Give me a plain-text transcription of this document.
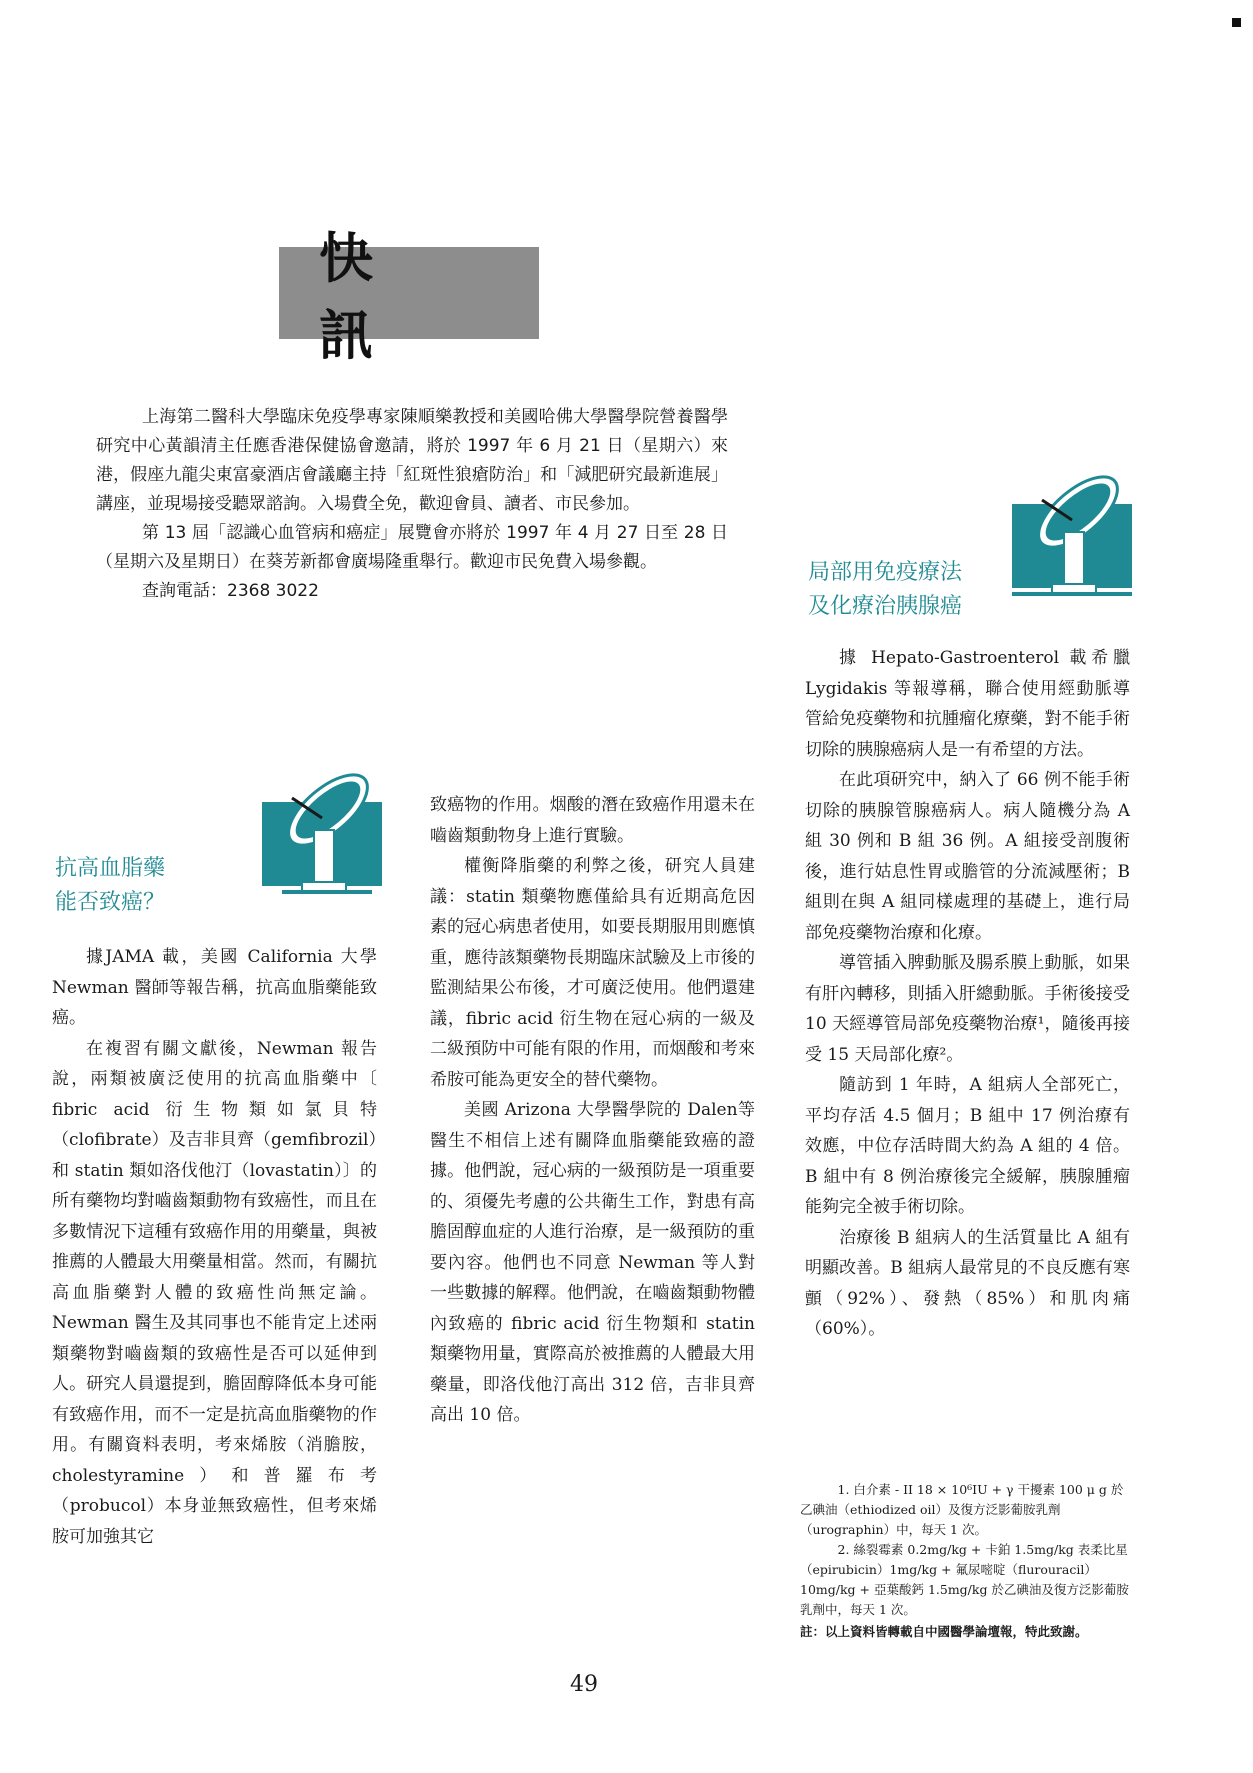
快 訊

上海第二醫科大學臨床免疫學專家陳順樂教授和美國哈佛大學醫學院營養醫學研究中心黃韻清主任應香港保健協會邀請，將於 1997 年 6 月 21 日（星期六）來港，假座九龍尖東富豪酒店會議廳主持「紅斑性狼瘡防治」和「減肥研究最新進展」講座，並現場接受聽眾諮詢。入場費全免，歡迎會員、讀者、市民參加。

第 13 屆「認識心血管病和癌症」展覽會亦將於 1997 年 4 月 27 日至 28 日（星期六及星期日）在葵芳新都會廣場隆重舉行。歡迎市民免費入場參觀。

查詢電話：2368 3022

抗高血脂藥
能否致癌？

據JAMA 載，美國 California 大學 Newman 醫師等報告稱，抗高血脂藥能致癌。

在複習有關文獻後，Newman 報告說，兩類被廣泛使用的抗高血脂藥中〔 fibric acid 衍生物類如氯貝特（clofibrate）及吉非貝齊（gemfibrozil）和 statin 類如洛伐他汀（lovastatin）〕的所有藥物均對嚙齒類動物有致癌性，而且在多數情況下這種有致癌作用的用藥量，與被推薦的人體最大用藥量相當。然而，有關抗高血脂藥對人體的致癌性尚無定論。Newman 醫生及其同事也不能肯定上述兩類藥物對嚙齒類的致癌性是否可以延伸到人。研究人員還提到，膽固醇降低本身可能有致癌作用，而不一定是抗高血脂藥物的作用。有關資料表明，考來烯胺（消膽胺，cholestyramine）和普羅布考（probucol）本身並無致癌性，但考來烯胺可加強其它

致癌物的作用。烟酸的潛在致癌作用還未在嚙齒類動物身上進行實驗。

權衡降脂藥的利弊之後，研究人員建議：statin 類藥物應僅給具有近期高危因素的冠心病患者使用，如要長期服用則應慎重，應待該類藥物長期臨床試驗及上市後的監測結果公布後，才可廣泛使用。他們還建議，fibric acid 衍生物在冠心病的一級及二級預防中可能有限的作用，而烟酸和考來希胺可能為更安全的替代藥物。

美國 Arizona 大學醫學院的 Dalen等醫生不相信上述有關降血脂藥能致癌的證據。他們說，冠心病的一級預防是一項重要的、須優先考慮的公共衛生工作，對患有高膽固醇血症的人進行治療，是一級預防的重要內容。他們也不同意 Newman 等人對一些數據的解釋。他們說，在嚙齒類動物體內致癌的 fibric acid 衍生物類和 statin 類藥物用量，實際高於被推薦的人體最大用藥量，即洛伐他汀高出 312 倍，吉非貝齊高出 10 倍。

局部用免疫療法
及化療治胰腺癌

據 Hepato-Gastroenterol 載希臘 Lygidakis 等報導稱，聯合使用經動脈導管給免疫藥物和抗腫瘤化療藥，對不能手術切除的胰腺癌病人是一有希望的方法。

在此項研究中，納入了 66 例不能手術切除的胰腺管腺癌病人。病人隨機分為 A 組 30 例和 B 組 36 例。A 組接受剖腹術後，進行姑息性胃或膽管的分流減壓術；B 組則在與 A 組同樣處理的基礎上，進行局部免疫藥物治療和化療。

導管插入脾動脈及腸系膜上動脈，如果有肝內轉移，則插入肝總動脈。手術後接受 10 天經導管局部免疫藥物治療¹，隨後再接受 15 天局部化療²。

隨訪到 1 年時，A 組病人全部死亡，平均存活 4.5 個月；B 組中 17 例治療有效應，中位存活時間大約為 A 組的 4 倍。B 組中有 8 例治療後完全緩解，胰腺腫瘤能夠完全被手術切除。

治療後 B 組病人的生活質量比 A 組有明顯改善。B 組病人最常見的不良反應有寒顫（92%）、發熱（85%）和肌肉痛（60%）。

1. 白介素 - II 18 × 10⁶IU + γ 干擾素 100 μ g 於乙碘油（ethiodized oil）及復方泛影葡胺乳劑（urographin）中，每天 1 次。

2. 絲裂霉素 0.2mg/kg + 卡鉑 1.5mg/kg 表柔比星（epirubicin）1mg/kg + 氟尿嘧啶（flurouracil）10mg/kg + 亞葉酸鈣 1.5mg/kg 於乙碘油及復方泛影葡胺乳劑中，每天 1 次。

註：以上資料皆轉載自中國醫學論壇報，特此致謝。
49
